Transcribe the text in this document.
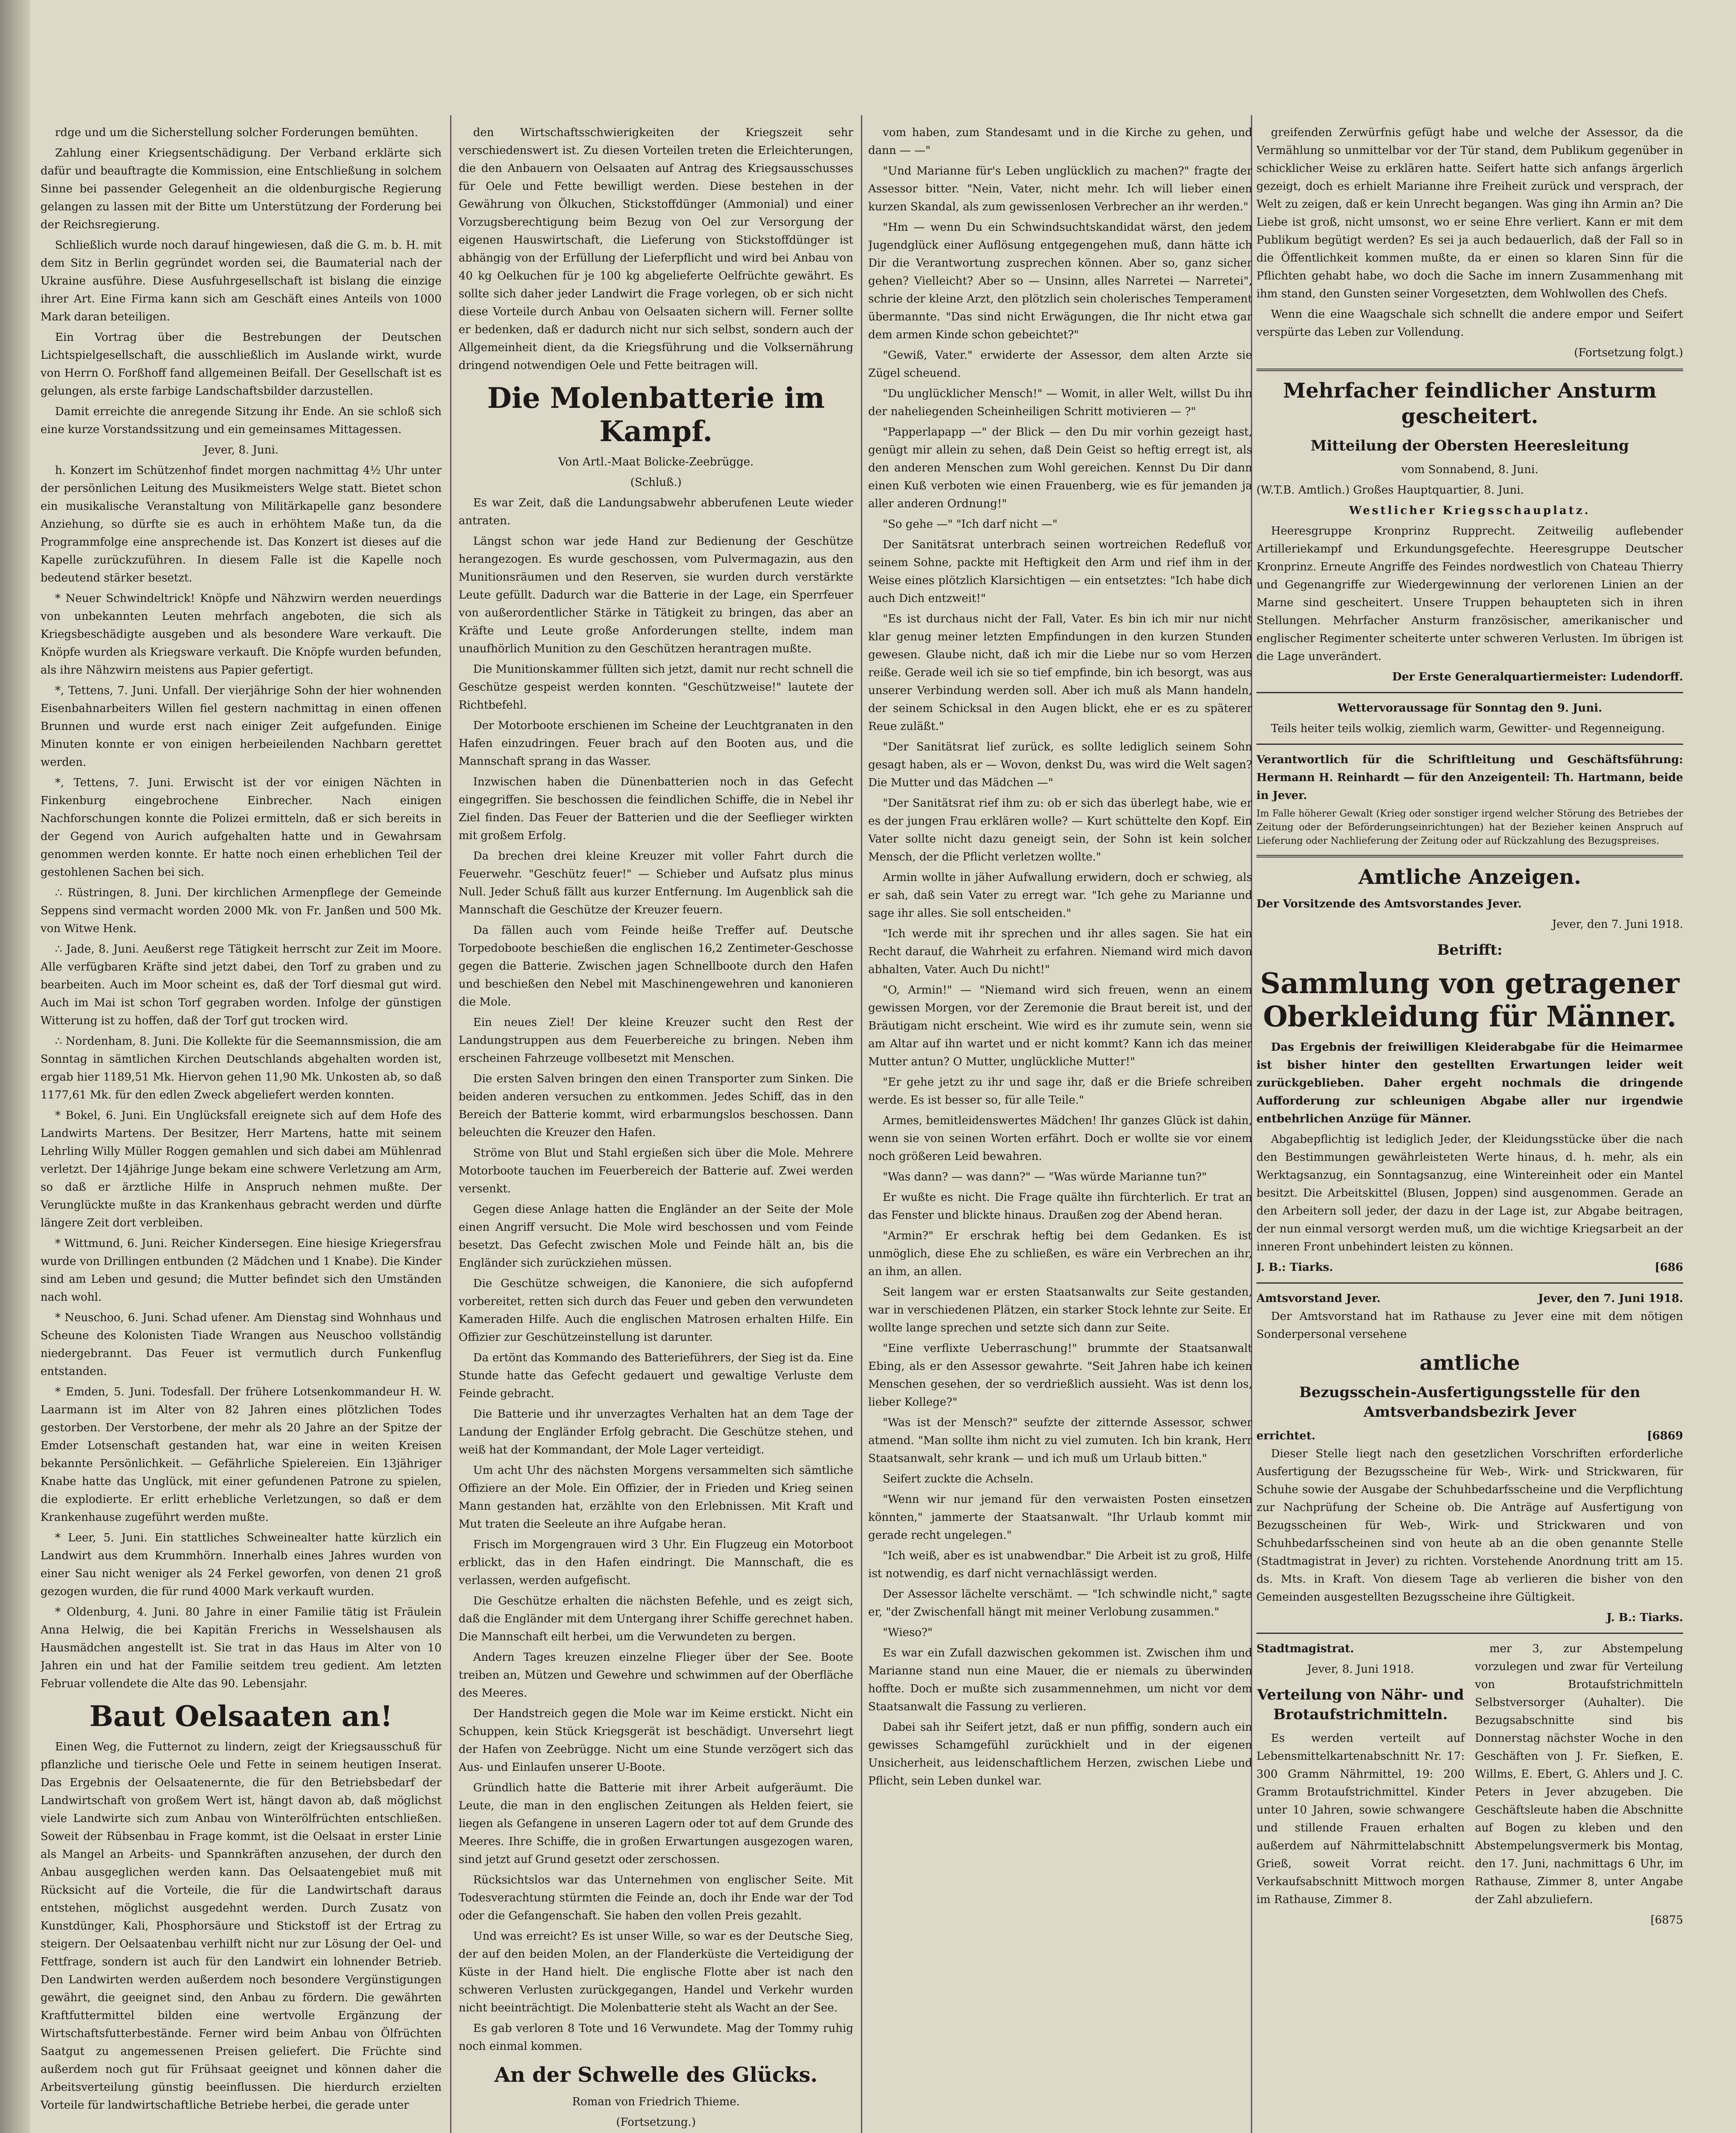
rdge und um die Sicherstellung solcher Forderungen bemühten.

Zahlung einer Kriegsentschädigung. Der Verband erklärte sich dafür und beauftragte die Kommission, eine Entschließung in solchem Sinne bei passender Gelegenheit an die oldenburgische Regierung gelangen zu lassen mit der Bitte um Unterstützung der Forderung bei der Reichsregierung.

Schließlich wurde noch darauf hingewiesen, daß die G. m. b. H. mit dem Sitz in Berlin gegründet worden sei, die Baumaterial nach der Ukraine ausführe. Diese Ausfuhrgesellschaft ist bislang die einzige ihrer Art. Eine Firma kann sich am Geschäft eines Anteils von 1000 Mark daran beteiligen.

Ein Vortrag über die Bestrebungen der Deutschen Lichtspielgesellschaft, die ausschließlich im Auslande wirkt, wurde von Herrn O. Forßhoff fand allgemeinen Beifall. Der Gesellschaft ist es gelungen, als erste farbige Landschaftsbilder darzustellen.

Damit erreichte die anregende Sitzung ihr Ende. An sie schloß sich eine kurze Vorstandssitzung und ein gemeinsames Mittagessen.

Jever, 8. Juni.

h. Konzert im Schützenhof findet morgen nachmittag 4½ Uhr unter der persönlichen Leitung des Musikmeisters Welge statt. Bietet schon ein musikalische Veranstaltung von Militärkapelle ganz besondere Anziehung, so dürfte sie es auch in erhöhtem Maße tun, da die Programmfolge eine ansprechende ist. Das Konzert ist dieses auf die Kapelle zurückzuführen. In diesem Falle ist die Kapelle noch bedeutend stärker besetzt.

* Neuer Schwindeltrick! Knöpfe und Nähzwirn werden neuerdings von unbekannten Leuten mehrfach angeboten, die sich als Kriegsbeschädigte ausgeben und als besondere Ware verkauft. Die Knöpfe wurden als Kriegsware verkauft. Die Knöpfe wurden befunden, als ihre Nähzwirn meistens aus Papier gefertigt.

*, Tettens, 7. Juni. Unfall. Der vierjährige Sohn der hier wohnenden Eisenbahnarbeiters Willen fiel gestern nachmittag in einen offenen Brunnen und wurde erst nach einiger Zeit aufgefunden. Einige Minuten konnte er von einigen herbeieilenden Nachbarn gerettet werden.

*, Tettens, 7. Juni. Erwischt ist der vor einigen Nächten in Finkenburg eingebrochene Einbrecher. Nach einigen Nachforschungen konnte die Polizei ermitteln, daß er sich bereits in der Gegend von Aurich aufgehalten hatte und in Gewahrsam genommen werden konnte. Er hatte noch einen erheblichen Teil der gestohlenen Sachen bei sich.

∴ Rüstringen, 8. Juni. Der kirchlichen Armenpflege der Gemeinde Seppens sind vermacht worden 2000 Mk. von Fr. Janßen und 500 Mk. von Witwe Henk.

∴ Jade, 8. Juni. Aeußerst rege Tätigkeit herrscht zur Zeit im Moore. Alle verfügbaren Kräfte sind jetzt dabei, den Torf zu graben und zu bearbeiten. Auch im Moor scheint es, daß der Torf diesmal gut wird. Auch im Mai ist schon Torf gegraben worden. Infolge der günstigen Witterung ist zu hoffen, daß der Torf gut trocken wird.

∴ Nordenham, 8. Juni. Die Kollekte für die Seemannsmission, die am Sonntag in sämtlichen Kirchen Deutschlands abgehalten worden ist, ergab hier 1189,51 Mk. Hiervon gehen 11,90 Mk. Unkosten ab, so daß 1177,61 Mk. für den edlen Zweck abgeliefert werden konnten.

* Bokel, 6. Juni. Ein Unglücksfall ereignete sich auf dem Hofe des Landwirts Martens. Der Besitzer, Herr Martens, hatte mit seinem Lehrling Willy Müller Roggen gemahlen und sich dabei am Mühlenrad verletzt. Der 14jährige Junge bekam eine schwere Verletzung am Arm, so daß er ärztliche Hilfe in Anspruch nehmen mußte. Der Verunglückte mußte in das Krankenhaus gebracht werden und dürfte längere Zeit dort verbleiben.

* Wittmund, 6. Juni. Reicher Kindersegen. Eine hiesige Kriegersfrau wurde von Drillingen entbunden (2 Mädchen und 1 Knabe). Die Kinder sind am Leben und gesund; die Mutter befindet sich den Umständen nach wohl.

* Neuschoo, 6. Juni. Schad ufener. Am Dienstag sind Wohnhaus und Scheune des Kolonisten Tiade Wrangen aus Neuschoo vollständig niedergebrannt. Das Feuer ist vermutlich durch Funkenflug entstanden.

* Emden, 5. Juni. Todesfall. Der frühere Lotsenkommandeur H. W. Laarmann ist im Alter von 82 Jahren eines plötzlichen Todes gestorben. Der Verstorbene, der mehr als 20 Jahre an der Spitze der Emder Lotsenschaft gestanden hat, war eine in weiten Kreisen bekannte Persönlichkeit. — Gefährliche Spielereien. Ein 13jähriger Knabe hatte das Unglück, mit einer gefundenen Patrone zu spielen, die explodierte. Er erlitt erhebliche Verletzungen, so daß er dem Krankenhause zugeführt werden mußte.

* Leer, 5. Juni. Ein stattliches Schweinealter hatte kürzlich ein Landwirt aus dem Krummhörn. Innerhalb eines Jahres wurden von einer Sau nicht weniger als 24 Ferkel geworfen, von denen 21 groß gezogen wurden, die für rund 4000 Mark verkauft wurden.

* Oldenburg, 4. Juni. 80 Jahre in einer Familie tätig ist Fräulein Anna Helwig, die bei Kapitän Frerichs in Wesselshausen als Hausmädchen angestellt ist. Sie trat in das Haus im Alter von 10 Jahren ein und hat der Familie seitdem treu gedient. Am letzten Februar vollendete die Alte das 90. Lebensjahr.

Baut Oelsaaten an!

Einen Weg, die Futternot zu lindern, zeigt der Kriegsausschuß für pflanzliche und tierische Oele und Fette in seinem heutigen Inserat. Das Ergebnis der Oelsaatenernte, die für den Betriebsbedarf der Landwirtschaft von großem Wert ist, hängt davon ab, daß möglichst viele Landwirte sich zum Anbau von Winterölfrüchten entschließen. Soweit der Rübsenbau in Frage kommt, ist die Oelsaat in erster Linie als Mangel an Arbeits- und Spannkräften anzusehen, der durch den Anbau ausgeglichen werden kann. Das Oelsaatengebiet muß mit Rücksicht auf die Vorteile, die für die Landwirtschaft daraus entstehen, möglichst ausgedehnt werden. Durch Zusatz von Kunstdünger, Kali, Phosphorsäure und Stickstoff ist der Ertrag zu steigern. Der Oelsaatenbau verhilft nicht nur zur Lösung der Oel- und Fettfrage, sondern ist auch für den Landwirt ein lohnender Betrieb. Den Landwirten werden außerdem noch besondere Vergünstigungen gewährt, die geeignet sind, den Anbau zu fördern. Die gewährten Kraftfuttermittel bilden eine wertvolle Ergänzung der Wirtschaftsfutterbestände. Ferner wird beim Anbau von Ölfrüchten Saatgut zu angemessenen Preisen geliefert. Die Früchte sind außerdem noch gut für Frühsaat geeignet und können daher die Arbeitsverteilung günstig beeinflussen. Die hierdurch erzielten Vorteile für landwirtschaftliche Betriebe herbei, die gerade unter

den Wirtschaftsschwierigkeiten der Kriegszeit sehr verschiedenswert ist. Zu diesen Vorteilen treten die Erleichterungen, die den Anbauern von Oelsaaten auf Antrag des Kriegsausschusses für Oele und Fette bewilligt werden. Diese bestehen in der Gewährung von Ölkuchen, Stickstoffdünger (Ammonial) und einer Vorzugsberechtigung beim Bezug von Oel zur Versorgung der eigenen Hauswirtschaft, die Lieferung von Stickstoffdünger ist abhängig von der Erfüllung der Lieferpflicht und wird bei Anbau von 40 kg Oelkuchen für je 100 kg abgelieferte Oelfrüchte gewährt. Es sollte sich daher jeder Landwirt die Frage vorlegen, ob er sich nicht diese Vorteile durch Anbau von Oelsaaten sichern will. Ferner sollte er bedenken, daß er dadurch nicht nur sich selbst, sondern auch der Allgemeinheit dient, da die Kriegsführung und die Volksernährung dringend notwendigen Oele und Fette beitragen will.

Die Molenbatterie im Kampf.

Von Artl.-Maat Bolicke-Zeebrügge.

(Schluß.)

Es war Zeit, daß die Landungsabwehr abberufenen Leute wieder antraten.

Längst schon war jede Hand zur Bedienung der Geschütze herangezogen. Es wurde geschossen, vom Pulvermagazin, aus den Munitionsräumen und den Reserven, sie wurden durch verstärkte Leute gefüllt. Dadurch war die Batterie in der Lage, ein Sperrfeuer von außerordentlicher Stärke in Tätigkeit zu bringen, das aber an Kräfte und Leute große Anforderungen stellte, indem man unaufhörlich Munition zu den Geschützen herantragen mußte.

Die Munitionskammer füllten sich jetzt, damit nur recht schnell die Geschütze gespeist werden konnten. "Geschützweise!" lautete der Richtbefehl.

Der Motorboote erschienen im Scheine der Leuchtgranaten in den Hafen einzudringen. Feuer brach auf den Booten aus, und die Mannschaft sprang in das Wasser.

Inzwischen haben die Dünenbatterien noch in das Gefecht eingegriffen. Sie beschossen die feindlichen Schiffe, die in Nebel ihr Ziel finden. Das Feuer der Batterien und die der Seeflieger wirkten mit großem Erfolg.

Da brechen drei kleine Kreuzer mit voller Fahrt durch die Feuerwehr. "Geschütz feuer!" — Schieber und Aufsatz plus minus Null. Jeder Schuß fällt aus kurzer Entfernung. Im Augenblick sah die Mannschaft die Geschütze der Kreuzer feuern.

Da fällen auch vom Feinde heiße Treffer auf. Deutsche Torpedoboote beschießen die englischen 16,2 Zentimeter-Geschosse gegen die Batterie. Zwischen jagen Schnellboote durch den Hafen und beschießen den Nebel mit Maschinengewehren und kanonieren die Mole.

Ein neues Ziel! Der kleine Kreuzer sucht den Rest der Landungstruppen aus dem Feuerbereiche zu bringen. Neben ihm erscheinen Fahrzeuge vollbesetzt mit Menschen.

Die ersten Salven bringen den einen Transporter zum Sinken. Die beiden anderen versuchen zu entkommen. Jedes Schiff, das in den Bereich der Batterie kommt, wird erbarmungslos beschossen. Dann beleuchten die Kreuzer den Hafen.

Ströme von Blut und Stahl ergießen sich über die Mole. Mehrere Motorboote tauchen im Feuerbereich der Batterie auf. Zwei werden versenkt.

Gegen diese Anlage hatten die Engländer an der Seite der Mole einen Angriff versucht. Die Mole wird beschossen und vom Feinde besetzt. Das Gefecht zwischen Mole und Feinde hält an, bis die Engländer sich zurückziehen müssen.

Die Geschütze schweigen, die Kanoniere, die sich aufopfernd vorbereitet, retten sich durch das Feuer und geben den verwundeten Kameraden Hilfe. Auch die englischen Matrosen erhalten Hilfe. Ein Offizier zur Geschützeinstellung ist darunter.

Da ertönt das Kommando des Batterieführers, der Sieg ist da. Eine Stunde hatte das Gefecht gedauert und gewaltige Verluste dem Feinde gebracht.

Die Batterie und ihr unverzagtes Verhalten hat an dem Tage der Landung der Engländer Erfolg gebracht. Die Geschütze stehen, und weiß hat der Kommandant, der Mole Lager verteidigt.

Um acht Uhr des nächsten Morgens versammelten sich sämtliche Offiziere an der Mole. Ein Offizier, der in Frieden und Krieg seinen Mann gestanden hat, erzählte von den Erlebnissen. Mit Kraft und Mut traten die Seeleute an ihre Aufgabe heran.

Frisch im Morgengrauen wird 3 Uhr. Ein Flugzeug ein Motorboot erblickt, das in den Hafen eindringt. Die Mannschaft, die es verlassen, werden aufgefischt.

Die Geschütze erhalten die nächsten Befehle, und es zeigt sich, daß die Engländer mit dem Untergang ihrer Schiffe gerechnet haben. Die Mannschaft eilt herbei, um die Verwundeten zu bergen.

Andern Tages kreuzen einzelne Flieger über der See. Boote treiben an, Mützen und Gewehre und schwimmen auf der Oberfläche des Meeres.

Der Handstreich gegen die Mole war im Keime erstickt. Nicht ein Schuppen, kein Stück Kriegsgerät ist beschädigt. Unversehrt liegt der Hafen von Zeebrügge. Nicht um eine Stunde verzögert sich das Aus- und Einlaufen unserer U-Boote.

Gründlich hatte die Batterie mit ihrer Arbeit aufgeräumt. Die Leute, die man in den englischen Zeitungen als Helden feiert, sie liegen als Gefangene in unseren Lagern oder tot auf dem Grunde des Meeres. Ihre Schiffe, die in großen Erwartungen ausgezogen waren, sind jetzt auf Grund gesetzt oder zerschossen.

Rücksichtslos war das Unternehmen von englischer Seite. Mit Todesverachtung stürmten die Feinde an, doch ihr Ende war der Tod oder die Gefangenschaft. Sie haben den vollen Preis gezahlt.

Und was erreicht? Es ist unser Wille, so war es der Deutsche Sieg, der auf den beiden Molen, an der Flanderküste die Verteidigung der Küste in der Hand hielt. Die englische Flotte aber ist nach den schweren Verlusten zurückgegangen, Handel und Verkehr wurden nicht beeinträchtigt. Die Molenbatterie steht als Wacht an der See.

Es gab verloren 8 Tote und 16 Verwundete. Mag der Tommy ruhig noch einmal kommen.

An der Schwelle des Glücks.

Roman von Friedrich Thieme.

(Fortsetzung.)

vom haben, zum Standesamt und in die Kirche zu gehen, und dann — —"

"Und Marianne für's Leben unglücklich zu machen?" fragte der Assessor bitter. "Nein, Vater, nicht mehr. Ich will lieber einen kurzen Skandal, als zum gewissenlosen Verbrecher an ihr werden."

"Hm — wenn Du ein Schwindsuchtskandidat wärst, den jedem Jugendglück einer Auflösung entgegengehen muß, dann hätte ich Dir die Verantwortung zusprechen können. Aber so, ganz sicher gehen? Vielleicht? Aber so — Unsinn, alles Narretei — Narretei", schrie der kleine Arzt, den plötzlich sein cholerisches Temperament übermannte. "Das sind nicht Erwägungen, die Ihr nicht etwa gar dem armen Kinde schon gebeichtet?"

"Gewiß, Vater." erwiderte der Assessor, dem alten Arzte sie Zügel scheuend.

"Du unglücklicher Mensch!" — Womit, in aller Welt, willst Du ihn der naheliegenden Scheinheiligen Schritt motivieren — ?"

"Papperlapapp —" der Blick — den Du mir vorhin gezeigt hast, genügt mir allein zu sehen, daß Dein Geist so heftig erregt ist, als den anderen Menschen zum Wohl gereichen. Kennst Du Dir dann einen Kuß verboten wie einen Frauenberg, wie es für jemanden ja aller anderen Ordnung!"

"So gehe —" "Ich darf nicht —"

Der Sanitätsrat unterbrach seinen wortreichen Redefluß vor seinem Sohne, packte mit Heftigkeit den Arm und rief ihm in der Weise eines plötzlich Klarsichtigen — ein entsetztes: "Ich habe dich auch Dich entzweit!"

"Es ist durchaus nicht der Fall, Vater. Es bin ich mir nur nicht klar genug meiner letzten Empfindungen in den kurzen Stunden gewesen. Glaube nicht, daß ich mir die Liebe nur so vom Herzen reiße. Gerade weil ich sie so tief empfinde, bin ich besorgt, was aus unserer Verbindung werden soll. Aber ich muß als Mann handeln, der seinem Schicksal in den Augen blickt, ehe er es zu späterer Reue zuläßt."

"Der Sanitätsrat lief zurück, es sollte lediglich seinem Sohn gesagt haben, als er — Wovon, denkst Du, was wird die Welt sagen? Die Mutter und das Mädchen —"

"Der Sanitätsrat rief ihm zu: ob er sich das überlegt habe, wie er es der jungen Frau erklären wolle? — Kurt schüttelte den Kopf. Ein Vater sollte nicht dazu geneigt sein, der Sohn ist kein solcher Mensch, der die Pflicht verletzen wollte."

Armin wollte in jäher Aufwallung erwidern, doch er schwieg, als er sah, daß sein Vater zu erregt war. "Ich gehe zu Marianne und sage ihr alles. Sie soll entscheiden."

"Ich werde mit ihr sprechen und ihr alles sagen. Sie hat ein Recht darauf, die Wahrheit zu erfahren. Niemand wird mich davon abhalten, Vater. Auch Du nicht!"

"O, Armin!" — "Niemand wird sich freuen, wenn an einem gewissen Morgen, vor der Zeremonie die Braut bereit ist, und der Bräutigam nicht erscheint. Wie wird es ihr zumute sein, wenn sie am Altar auf ihn wartet und er nicht kommt? Kann ich das meiner Mutter antun? O Mutter, unglückliche Mutter!"

"Er gehe jetzt zu ihr und sage ihr, daß er die Briefe schreiben werde. Es ist besser so, für alle Teile."

Armes, bemitleidenswertes Mädchen! Ihr ganzes Glück ist dahin, wenn sie von seinen Worten erfährt. Doch er wollte sie vor einem noch größeren Leid bewahren.

"Was dann? — was dann?" — "Was würde Marianne tun?"

Er wußte es nicht. Die Frage quälte ihn fürchterlich. Er trat an das Fenster und blickte hinaus. Draußen zog der Abend heran.

"Armin?" Er erschrak heftig bei dem Gedanken. Es ist unmöglich, diese Ehe zu schließen, es wäre ein Verbrechen an ihr, an ihm, an allen.

Seit langem war er ersten Staatsanwalts zur Seite gestanden, war in verschiedenen Plätzen, ein starker Stock lehnte zur Seite. Er wollte lange sprechen und setzte sich dann zur Seite.

"Eine verflixte Ueberraschung!" brummte der Staatsanwalt Ebing, als er den Assessor gewahrte. "Seit Jahren habe ich keinen Menschen gesehen, der so verdrießlich aussieht. Was ist denn los, lieber Kollege?"

"Was ist der Mensch?" seufzte der zitternde Assessor, schwer atmend. "Man sollte ihm nicht zu viel zumuten. Ich bin krank, Herr Staatsanwalt, sehr krank — und ich muß um Urlaub bitten."

Seifert zuckte die Achseln.

"Wenn wir nur jemand für den verwaisten Posten einsetzen könnten," jammerte der Staatsanwalt. "Ihr Urlaub kommt mir gerade recht ungelegen."

"Ich weiß, aber es ist unabwendbar." Die Arbeit ist zu groß, Hilfe ist notwendig, es darf nicht vernachlässigt werden.

Der Assessor lächelte verschämt. — "Ich schwindle nicht," sagte er, "der Zwischenfall hängt mit meiner Verlobung zusammen."

"Wieso?"

Es war ein Zufall dazwischen gekommen ist. Zwischen ihm und Marianne stand nun eine Mauer, die er niemals zu überwinden hoffte. Doch er mußte sich zusammennehmen, um nicht vor dem Staatsanwalt die Fassung zu verlieren.

Dabei sah ihr Seifert jetzt, daß er nun pfiffig, sondern auch ein gewisses Schamgefühl zurückhielt und in der eigenen Unsicherheit, aus leidenschaftlichem Herzen, zwischen Liebe und Pflicht, sein Leben dunkel war.

greifenden Zerwürfnis gefügt habe und welche der Assessor, da die Vermählung so unmittelbar vor der Tür stand, dem Publikum gegenüber in schicklicher Weise zu erklären hatte. Seifert hatte sich anfangs ärgerlich gezeigt, doch es erhielt Marianne ihre Freiheit zurück und versprach, der Welt zu zeigen, daß er kein Unrecht begangen. Was ging ihn Armin an? Die Liebe ist groß, nicht umsonst, wo er seine Ehre verliert. Kann er mit dem Publikum begütigt werden? Es sei ja auch bedauerlich, daß der Fall so in die Öffentlichkeit kommen mußte, da er einen so klaren Sinn für die Pflichten gehabt habe, wo doch die Sache im innern Zusammenhang mit ihm stand, den Gunsten seiner Vorgesetzten, dem Wohlwollen des Chefs.

Wenn die eine Waagschale sich schnellt die andere empor und Seifert verspürte das Leben zur Vollendung.

(Fortsetzung folgt.)

Mehrfacher feindlicher Ansturm gescheitert.
Mitteilung der Obersten Heeresleitung

vom Sonnabend, 8. Juni.

(W.T.B. Amtlich.) Großes Hauptquartier, 8. Juni.

Westlicher Kriegsschauplatz.

Heeresgruppe Kronprinz Rupprecht. Zeitweilig auflebender Artilleriekampf und Erkundungsgefechte. Heeresgruppe Deutscher Kronprinz. Erneute Angriffe des Feindes nordwestlich von Chateau Thierry und Gegenangriffe zur Wiedergewinnung der verlorenen Linien an der Marne sind gescheitert. Unsere Truppen behaupteten sich in ihren Stellungen. Mehrfacher Ansturm französischer, amerikanischer und englischer Regimenter scheiterte unter schweren Verlusten. Im übrigen ist die Lage unverändert.

Der Erste Generalquartiermeister: Ludendorff.

Wettervoraussage für Sonntag den 9. Juni.

Teils heiter teils wolkig, ziemlich warm, Gewitter- und Regenneigung.

Verantwortlich für die Schriftleitung und Geschäftsführung: Hermann H. Reinhardt — für den Anzeigenteil: Th. Hartmann, beide in Jever.

Im Falle höherer Gewalt (Krieg oder sonstiger irgend welcher Störung des Betriebes der Zeitung oder der Beförderungseinrichtungen) hat der Bezieher keinen Anspruch auf Lieferung oder Nachlieferung der Zeitung oder auf Rückzahlung des Bezugspreises.

Amtliche Anzeigen.

Der Vorsitzende des Amtsvorstandes Jever.

Jever, den 7. Juni 1918.

Betrifft:
Sammlung von getragener Oberkleidung für Männer.

Das Ergebnis der freiwilligen Kleiderabgabe für die Heimarmee ist bisher hinter den gestellten Erwartungen leider weit zurückgeblieben. Daher ergeht nochmals die dringende Aufforderung zur schleunigen Abgabe aller nur irgendwie entbehrlichen Anzüge für Männer.

Abgabepflichtig ist lediglich Jeder, der Kleidungsstücke über die nach den Bestimmungen gewährleisteten Werte hinaus, d. h. mehr, als ein Werktagsanzug, ein Sonntagsanzug, eine Wintereinheit oder ein Mantel besitzt. Die Arbeitskittel (Blusen, Joppen) sind ausgenommen. Gerade an den Arbeitern soll jeder, der dazu in der Lage ist, zur Abgabe beitragen, der nun einmal versorgt werden muß, um die wichtige Kriegsarbeit an der inneren Front unbehindert leisten zu können.

J. B.: Tiarks.	[686
Amtsvorstand Jever.	Jever, den 7. Juni 1918.

Der Amtsvorstand hat im Rathause zu Jever eine mit dem nötigen Sonderpersonal versehene

amtliche
Bezugsschein-Ausfertigungsstelle für den Amtsverbandsbezirk Jever
errichtet.	[6869

Dieser Stelle liegt nach den gesetzlichen Vorschriften erforderliche Ausfertigung der Bezugsscheine für Web-, Wirk- und Strickwaren, für Schuhe sowie der Ausgabe der Schuhbedarfsscheine und die Verpflichtung zur Nachprüfung der Scheine ob. Die Anträge auf Ausfertigung von Bezugsscheinen für Web-, Wirk- und Strickwaren und von Schuhbedarfsscheinen sind von heute ab an die oben genannte Stelle (Stadtmagistrat in Jever) zu richten. Vorstehende Anordnung tritt am 15. ds. Mts. in Kraft. Von diesem Tage ab verlieren die bisher von den Gemeinden ausgestellten Bezugsscheine ihre Gültigkeit.

J. B.: Tiarks.

Stadtmagistrat.

Jever, 8. Juni 1918.

Verteilung von Nähr- und Brotaufstrichmitteln.

Es werden verteilt auf Lebensmittelkartenabschnitt Nr. 17: 300 Gramm Nährmittel, 19: 200 Gramm Brotaufstrichmittel. Kinder unter 10 Jahren, sowie schwangere und stillende Frauen erhalten außerdem auf Nährmittelabschnitt Grieß, soweit Vorrat reicht. Verkaufsabschnitt Mittwoch morgen im Rathause, Zimmer 8.

mer 3, zur Abstempelung vorzulegen und zwar für Verteilung von Brotaufstrichmitteln Selbstversorger (Auhalter). Die Bezugsabschnitte sind bis Donnerstag nächster Woche in den Geschäften von J. Fr. Siefken, E. Willms, E. Ebert, G. Ahlers und J. C. Peters in Jever abzugeben. Die Geschäftsleute haben die Abschnitte auf Bogen zu kleben und den Abstempelungsvermerk bis Montag, den 17. Juni, nachmittags 6 Uhr, im Rathause, Zimmer 8, unter Angabe der Zahl abzuliefern.

[6875
